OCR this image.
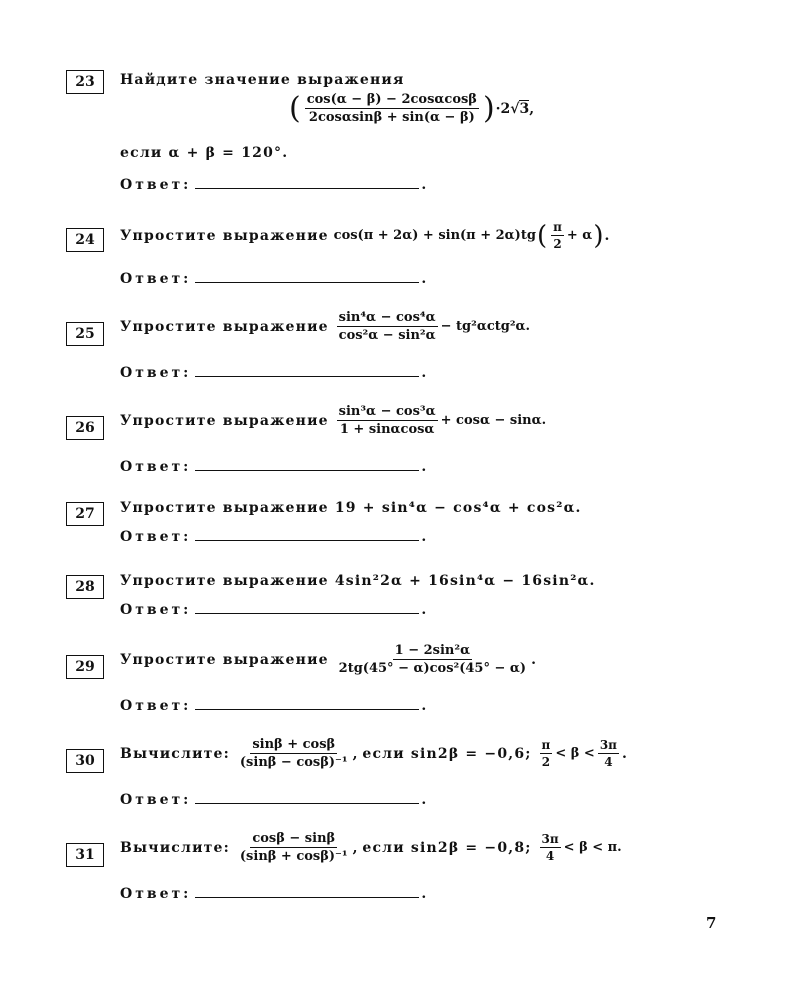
23	Найдите значение выражения
( $\frac{\cos(\alpha - \beta) - 2\cos\alpha\cos\beta}{2\cos\alpha\sin\beta + \sin(\alpha - \beta)}$ ) ·2 √ 3 ,
если α + β = 120°.
Ответ:	.
24	Упростите выражение
cos(π + 2α) + sin(π + 2α)tg ( $\frac{\pi}{2} + \alpha$ ) .
Ответ:	.
25	Упростите выражение
$\frac{\text{sin⁴α − cos⁴α}}{\text{cos²α − sin²α}} - tg^2\alpha ctg^2\alpha$.
Ответ:	.
26	Упростите выражение
$\frac{\text{sin³α − cos³α}}{1 + \sin\alpha\cos\alpha} + \cos\alpha - \sin\alpha$.
Ответ:	.
27	Упростите выражение 19 + sin⁴α − cos⁴α + cos²α.
Ответ:	.
28	Упростите выражение 4sin²2α + 16sin⁴α − 16sin²α.
Ответ:	.
29	Упростите выражение
$\frac{\text{1 − 2sin²α}}{\text{2tg(45° − α)cos²(45° − α)}}$ .
Ответ:	.
30	Вычислите:
$\frac{\sin\beta + \cos\beta}{\text{(sinβ − cosβ)⁻¹}}$ ,
если sin2β = −0,6;
$\frac{\pi}{2} < \beta < \frac{3\pi}{4}$ .
Ответ:	.
31	Вычислите:
$\frac{\cos\beta - \sin\beta}{\text{(sinβ + cosβ)⁻¹}}$ ,
если sin2β = −0,8;
$\frac{3\pi}{4} < \beta < \pi$.
Ответ:	.
7
